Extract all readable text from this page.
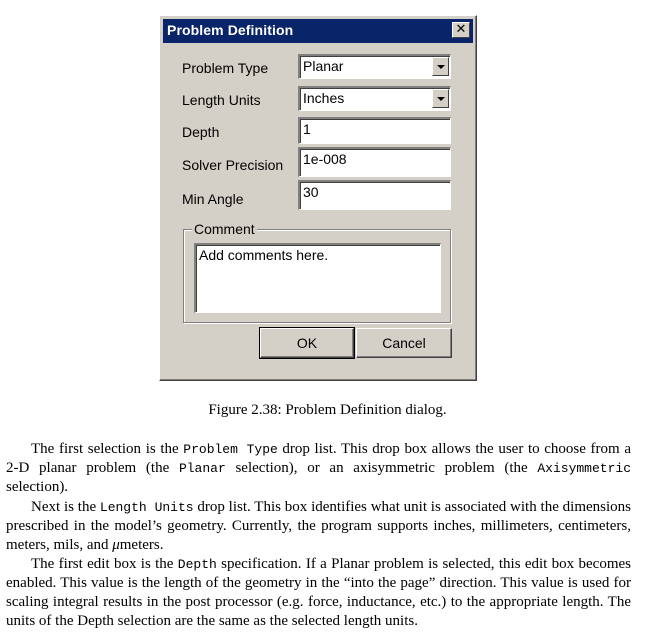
Problem Definition	✕
Problem Type Planar
Length Units	Inches
Depth	1
Solver Precision 1e-008
Min Angle	30
Comment
Add comments here.
OK	Cancel
Figure 2.38: Problem Definition dialog.

The first selection is the Problem Type drop list. This drop box allows the user to choose from a 2-D planar problem (the Planar selection), or an axisymmetric problem (the Axisymmetric selection).

Next is the Length Units drop list. This box identifies what unit is associated with the dimensions prescribed in the model’s geometry. Currently, the program supports inches, millimeters, centimeters, meters, mils, and μmeters.

The first edit box is the Depth specification. If a Planar problem is selected, this edit box becomes enabled. This value is the length of the geometry in the “into the page” direction. This value is used for scaling integral results in the post processor (e.g. force, inductance, etc.) to the appropriate length. The units of the Depth selection are the same as the selected length units.
